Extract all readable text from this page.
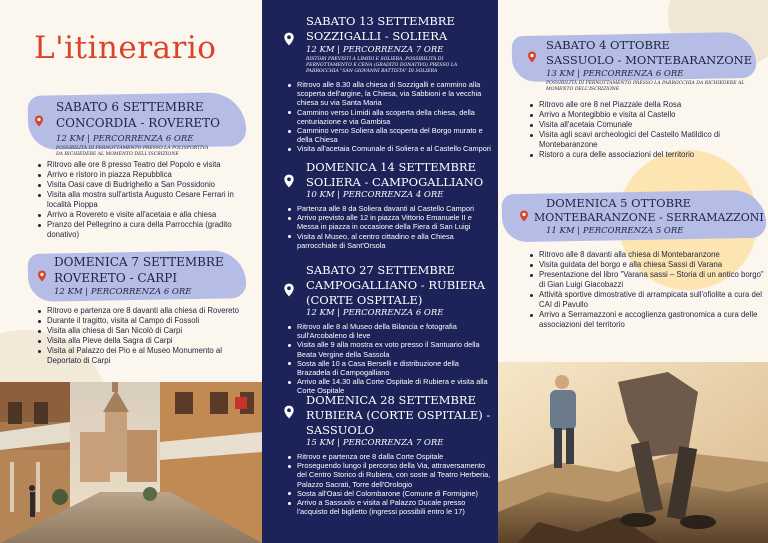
L'itinerario
SABATO 6 SETTEMBRE
CONCORDIA - ROVERETO
12 KM | PERCORRENZA 6 ORE
POSSIBILITÀ DI PERNOTTAMENTO PRESSO LA POLISPORTIVA
DA RICHIEDERE AL MOMENTO DELL'ISCRIZIONE
Ritrovo alle ore 8 presso Teatro del Popolo e visita
Arrivo e ristoro in piazza Repubblica
Visita Oasi cave di Budrighello a San Possidonio
Visita alla mostra sull'artista Augusto Cesare Ferrari in località Pioppa
Arrivo a Rovereto e visite all'acetaia e alla chiesa
Pranzo del Pellegrino a cura della Parrocchia (gradito donativo)
DOMENICA 7 SETTEMBRE
ROVERETO - CARPI
12 KM | PERCORRENZA 6 ORE
Ritrovo e partenza ore 8 davanti alla chiesa di Rovereto
Durante il tragitto, visita al Campo di Fossoli
Visita alla chiesa di San Nicolò di Carpi
Visita alla Pieve della Sagra di Carpi
Visita al Palazzo dei Pio e al Museo Monumento al Deportato di Carpi
SABATO 13 SETTEMBRE
SOZZIGALLI - SOLIERA
12 KM | PERCORRENZA 7 ORE
RISTORI PREVISTI A LIMIDI E SOLIERA, POSSIBILITÀ DI
PERNOTTAMENTO E CENA (GRADITO DONATIVO) PRESSO LA
PARROCCHIA "SAN GIOVANNI BATTISTA" DI SOLIERA
Ritrovo alle 8.30 alla chiesa di Sozzigalli e cammino alla scoperta dell'argine, la Chiesa, via Sabbioni e la vecchia chiesa su via Santa Maria
Cammino verso Limidi alla scoperta della chiesa, della centuriazione e via Gambisa
Cammino verso Soliera alla scoperta del Borgo murato e della Chiesa
Visita all'acetaia Comunale di Soliera e al Castello Campori
DOMENICA 14 SETTEMBRE
SOLIERA - CAMPOGALLIANO
10 KM | PERCORRENZA 4 ORE
Partenza alle 8 da Soliera davanti al Castello Campori
Arrivo previsto alle 12 in piazza Vittorio Emanuele II e Messa in piazza in occasione della Fiera di San Luigi
Visita al Museo, al centro cittadino e alla Chiesa parrocchiale di Sant'Orsola
SABATO 27 SETTEMBRE
CAMPOGALLIANO - RUBIERA
(CORTE OSPITALE)
12 KM | PERCORRENZA 6 ORE
Ritrovo alle 8 al Museo della Bilancia e fotografia sull'Arcobaleno di leve
Visita alle 9 alla mostra ex voto presso il Santuario della Beata Vergine della Sassola
Sosta alle 10 a Casa Berselli e distribuzione della Brazadela di Campogalliano
Arrivo alle 14.30 alla Corte Ospitale di Rubiera e visita alla Corte Ospitale
DOMENICA 28 SETTEMBRE
RUBIERA (CORTE OSPITALE) -
SASSUOLO
15 KM | PERCORRENZA 7 ORE
Ritrovo e partenza ore 8 dalla Corte Ospitale
Proseguendo lungo il percorso della Via, attraversamento del Centro Storico di Rubiera, con soste al Teatro Herberia, Palazzo Sacrati, Torre dell'Orologio
Sosta all'Oasi del Colombarone (Comune di Formigine)
Arrivo a Sassuolo e visita al Palazzo Ducale presso l'acquisto del biglietto (ingressi possibili entro le 17)
SABATO 4 OTTOBRE
SASSUOLO - MONTEBARANZONE
13 KM | PERCORRENZA 6 ORE
POSSIBILITÀ DI PERNOTTAMENTO PRESSO LA PARROCCHIA DA RICHIEDERE AL
MOMENTO DELL'ISCRIZIONE
Ritrovo alle ore 8 nel Piazzale della Rosa
Arrivo a Montegibbio e visita al Castello
Visita all'acetaia Comunale
Visita agli scavi archeologici del Castello Matildico di Montebaranzone
Ristoro a cura delle associazioni del territorio
DOMENICA 5 OTTOBRE
MONTEBARANZONE - SERRAMAZZONI
11 KM | PERCORRENZA 5 ORE
Ritrovo alle 8 davanti alla chiesa di Montebaranzone
Visita guidata del borgo e alla chiesa Sassi di Varana
Presentazione del libro "Varana sassi – Storia di un antico borgo" di Gian Luigi Giacobazzi
Attività sportive dimostrative di arrampicata sull'ofiolite a cura del CAI di Pavullo
Arrivo a Serramazzoni e accoglienza gastronomica a cura delle associazioni del territorio
